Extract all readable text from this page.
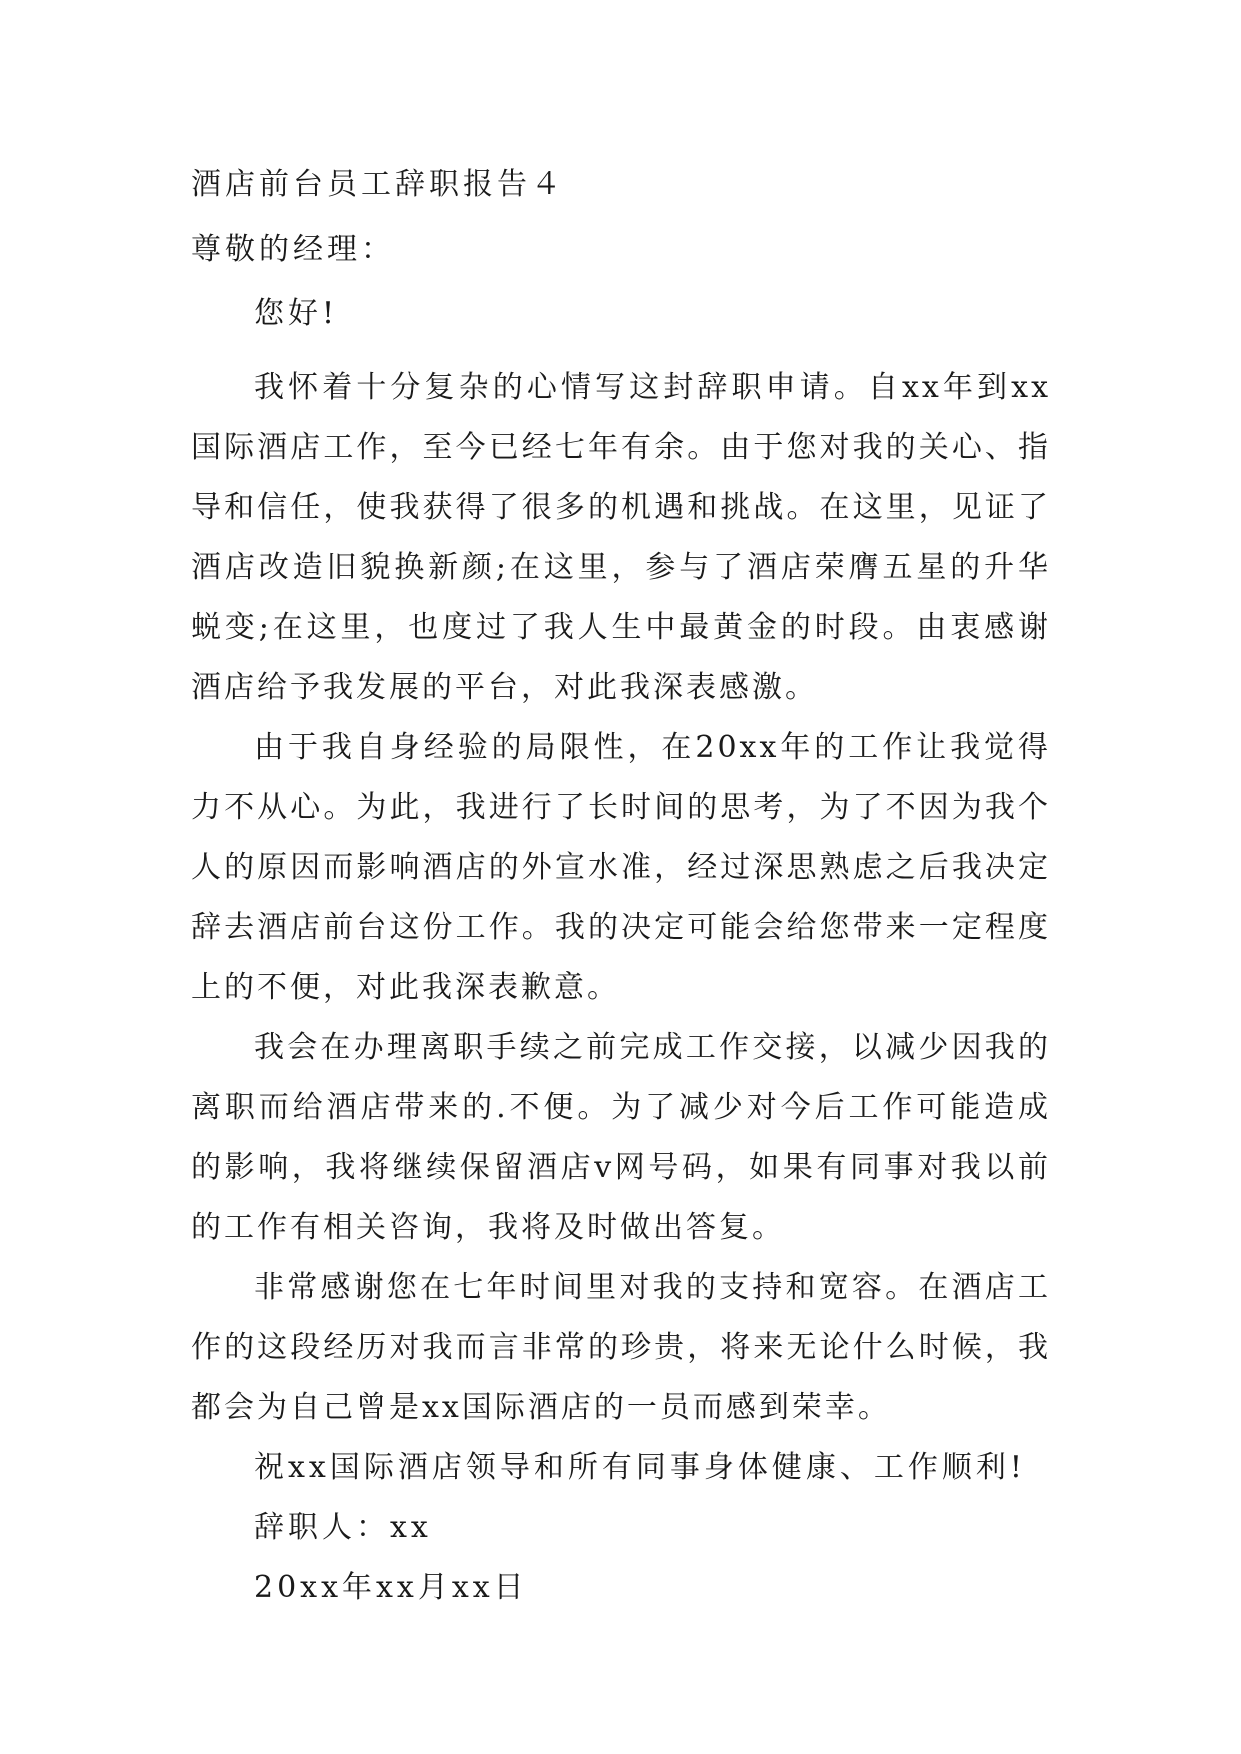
酒店前台员工辞职报告４

尊敬的经理：

您好!

我怀着十分复杂的心情写这封辞职申请。自xx年到xx国际酒店工作，至今已经七年有余。由于您对我的关心、指导和信任，使我获得了很多的机遇和挑战。在这里，见证了酒店改造旧貌换新颜;在这里，参与了酒店荣膺五星的升华蜕变;在这里，也度过了我人生中最黄金的时段。由衷感谢酒店给予我发展的平台，对此我深表感激。

由于我自身经验的局限性，在20xx年的工作让我觉得力不从心。为此，我进行了长时间的思考，为了不因为我个人的原因而影响酒店的外宣水准，经过深思熟虑之后我决定辞去酒店前台这份工作。我的决定可能会给您带来一定程度上的不便，对此我深表歉意。

我会在办理离职手续之前完成工作交接，以减少因我的离职而给酒店带来的.不便。为了减少对今后工作可能造成的影响，我将继续保留酒店v网号码，如果有同事对我以前的工作有相关咨询，我将及时做出答复。

非常感谢您在七年时间里对我的支持和宽容。在酒店工作的这段经历对我而言非常的珍贵，将来无论什么时候，我都会为自己曾是xx国际酒店的一员而感到荣幸。

祝xx国际酒店领导和所有同事身体健康、工作顺利!

辞职人：xx

20xx年xx月xx日
